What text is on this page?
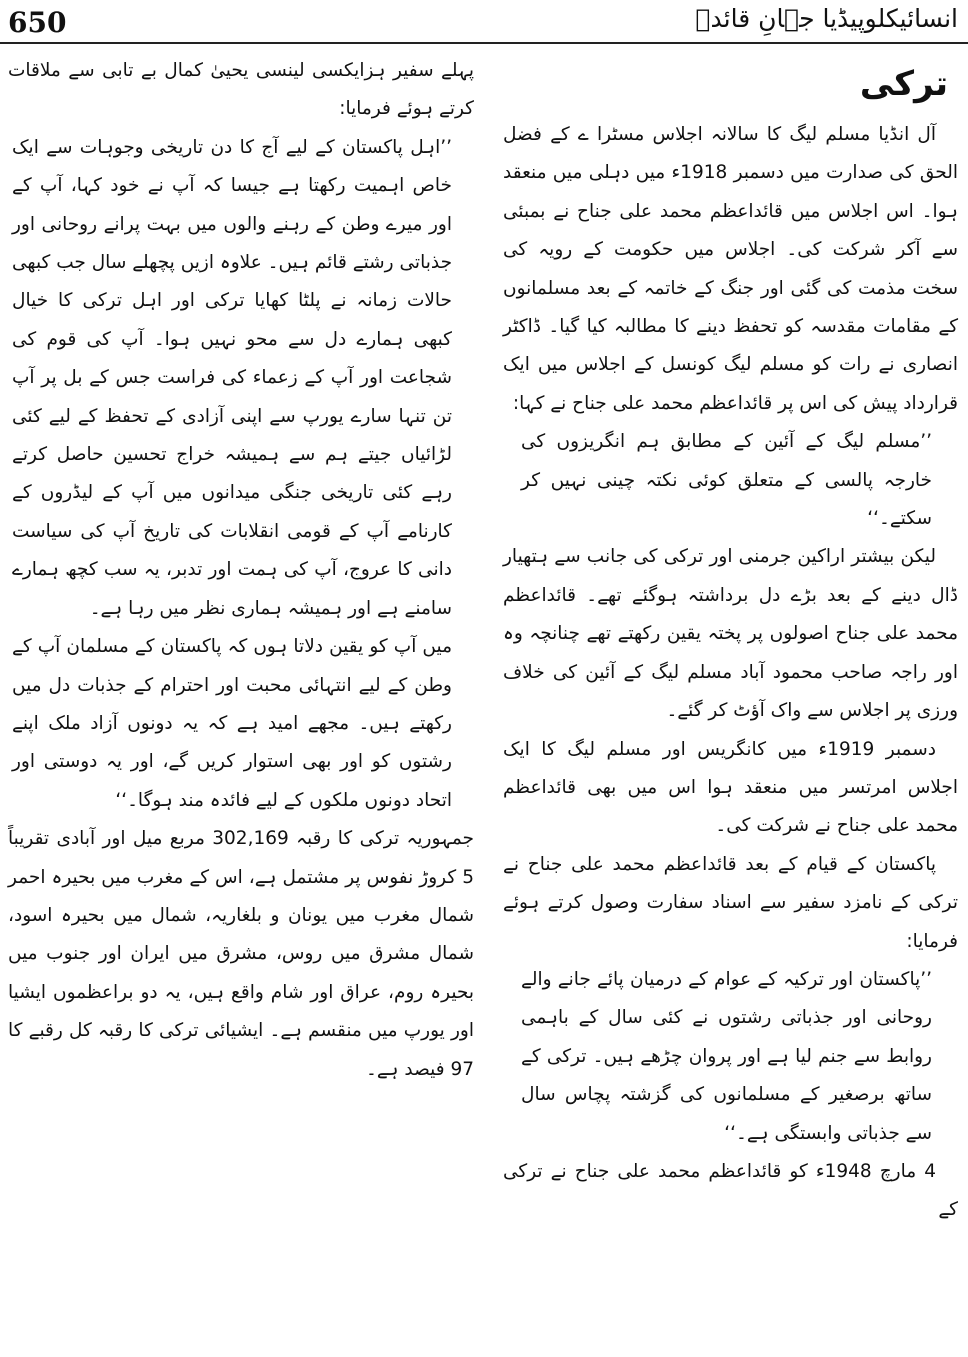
650	انسائیکلوپیڈیا جہانِ قائدؒ

ترکی

آل انڈیا مسلم لیگ کا سالانہ اجلاس مسٹرا ے کے فضل الحق کی صدارت میں دسمبر 1918ء میں دہلی میں منعقد ہوا۔ اس اجلاس میں قائداعظم محمد علی جناح نے بمبئی سے آکر شرکت کی۔ اجلاس میں حکومت کے رویہ کی سخت مذمت کی گئی اور جنگ کے خاتمہ کے بعد مسلمانوں کے مقامات مقدسہ کو تحفظ دینے کا مطالبہ کیا گیا۔ ڈاکٹر انصاری نے رات کو مسلم لیگ کونسل کے اجلاس میں ایک قرارداد پیش کی اس پر قائداعظم محمد علی جناح نے کہا:

’’مسلم لیگ کے آئین کے مطابق ہم انگریزوں کی خارجہ پالسی کے متعلق کوئی نکتہ چینی نہیں کر سکتے۔‘‘

لیکن بیشتر اراکین جرمنی اور ترکی کی جانب سے ہتھیار ڈال دینے کے بعد بڑے دل برداشتہ ہوگئے تھے۔ قائداعظم محمد علی جناح اصولوں پر پختہ یقین رکھتے تھے چنانچہ وہ اور راجہ صاحب محمود آباد مسلم لیگ کے آئین کی خلاف ورزی پر اجلاس سے واک آؤٹ کر گئے۔

دسمبر 1919ء میں کانگریس اور مسلم لیگ کا ایک اجلاس امرتسر میں منعقد ہوا اس میں بھی قائداعظم محمد علی جناح نے شرکت کی۔

پاکستان کے قیام کے بعد قائداعظم محمد علی جناح نے ترکی کے نامزد سفیر سے اسناد سفارت وصول کرتے ہوئے فرمایا:

’’پاکستان اور ترکیہ کے عوام کے درمیان پائے جانے والے روحانی اور جذباتی رشتوں نے کئی سال کے باہمی روابط سے جنم لیا ہے اور پروان چڑھے ہیں۔ ترکی کے ساتھ برصغیر کے مسلمانوں کی گزشتہ پچاس سال سے جذباتی وابستگی ہے۔‘‘

4 مارچ 1948ء کو قائداعظم محمد علی جناح نے ترکی کے

پہلے سفیر ہزایکسی لینسی یحییٰ کمال بے تابی سے ملاقات کرتے ہوئے فرمایا:

’’اہل پاکستان کے لیے آج کا دن تاریخی وجوہات سے ایک خاص اہمیت رکھتا ہے جیسا کہ آپ نے خود کہا، آپ کے اور میرے وطن کے رہنے والوں میں بہت پرانے روحانی اور جذباتی رشتے قائم ہیں۔ علاوہ ازیں پچھلے سال جب کبھی حالات زمانہ نے پلٹا کھایا ترکی اور اہل ترکی کا خیال کبھی ہمارے دل سے محو نہیں ہوا۔ آپ کی قوم کی شجاعت اور آپ کے زعماء کی فراست جس کے بل پر آپ تن تنہا سارے یورپ سے اپنی آزادی کے تحفظ کے لیے کئی لڑائیاں جیتے ہم سے ہمیشہ خراج تحسین حاصل کرتے رہے کئی تاریخی جنگی میدانوں میں آپ کے لیڈروں کے کارنامے آپ کے قومی انقلابات کی تاریخ آپ کی سیاست دانی کا عروج، آپ کی ہمت اور تدبر، یہ سب کچھ ہمارے سامنے ہے اور ہمیشہ ہماری نظر میں رہا ہے۔

میں آپ کو یقین دلاتا ہوں کہ پاکستان کے مسلمان آپ کے وطن کے لیے انتہائی محبت اور احترام کے جذبات دل میں رکھتے ہیں۔ مجھے امید ہے کہ یہ دونوں آزاد ملک اپنے رشتوں کو اور بھی استوار کریں گے، اور یہ دوستی اور اتحاد دونوں ملکوں کے لیے فائدہ مند ہوگا۔‘‘

جمہوریہ ترکی کا رقبہ 302,169 مربع میل اور آبادی تقریباً 5 کروڑ نفوس پر مشتمل ہے، اس کے مغرب میں بحیرہ احمر شمال مغرب میں یونان و بلغاریہ، شمال میں بحیرہ اسود، شمال مشرق میں روس، مشرق میں ایران اور جنوب میں بحیرہ روم، عراق اور شام واقع ہیں، یہ دو براعظموں ایشیا اور یورپ میں منقسم ہے۔ ایشیائی ترکی کا رقبہ کل رقبے کا 97 فیصد ہے۔
